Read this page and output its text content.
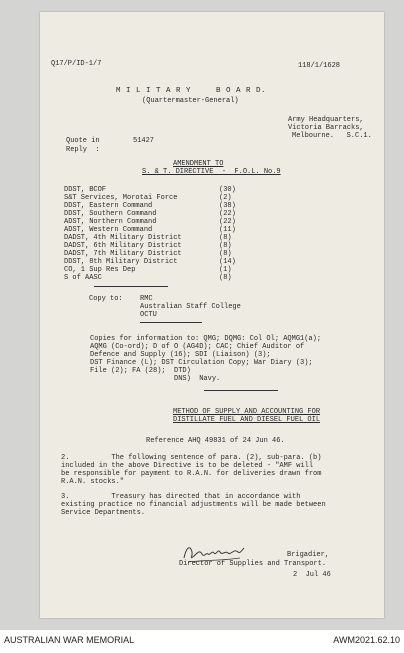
Q17/P/ID-1/7	118/1/1628
M I L I T A R Y     B O A R D.
(Quartermaster-General)
Army Headquarters,
Victoria Barracks,
Melbourne.   S.C.1.
Quote in	51427
Reply  :
AMENDMENT TO
S. & T. DIRECTIVE  -  F.O.L. No.9
DDST, BCOF	(30)
S&T Services, Morotai Force	(2)
DDST, Eastern Command	(38)
DDST, Southern Command	(22)
ADST, Northern Command	(22)
ADST, Western Command	(11)
DADST, 4th Military District	(8)
DADST, 6th Military District	(8)
DADST, 7th Military District	(8)
DDST, 8th Military District	(14)
CO, 1 Sup Res Dep	(1)
S of AASC	(8)
Copy to: RMC
Australian Staff College
OCTU
Copies for information to: QMG; DQMG: Col Ol; AQMG1(a);
AQMG (Co-ord); D of O (AG4D); CAC; Chief Auditor of
Defence and Supply (16); SDI (Liaison) (3);
DST Finance (L); DST Circulation Copy; War Diary (3);
File (2); FA (28);  DTD)
DNS)  Navy.
METHOD OF SUPPLY AND ACCOUNTING FOR
DISTILLATE FUEL AND DIESEL FUEL OIL
Reference AHQ 49831 of 24 Jun 46.
2.          The following sentence of para. (2), sub-para. (b)
included in the above Directive is to be deleted - "AMF will
be responsible for payment to R.A.N. for deliveries drawn from
R.A.N. stocks."
3.          Treasury has directed that in accordance with
existing practice no financial adjustments will be made between
Service Departments.
Brigadier,
Director of Supplies and Transport.
2  Jul 46
AUSTRALIAN WAR MEMORIAL	AWM2021.62.10
